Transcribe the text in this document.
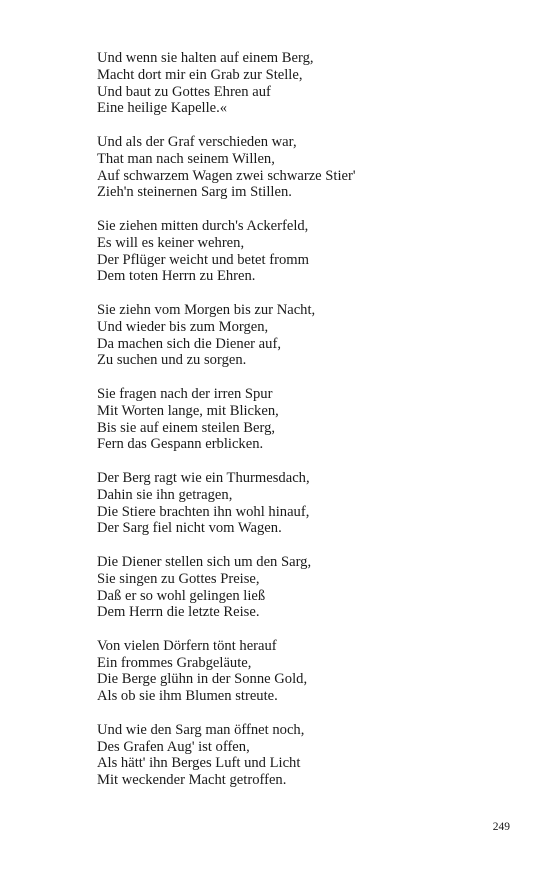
Und wenn sie halten auf einem Berg,
Macht dort mir ein Grab zur Stelle,
Und baut zu Gottes Ehren auf
Eine heilige Kapelle.«
Und als der Graf verschieden war,
That man nach seinem Willen,
Auf schwarzem Wagen zwei schwarze Stier'
Zieh'n steinernen Sarg im Stillen.
Sie ziehen mitten durch's Ackerfeld,
Es will es keiner wehren,
Der Pflüger weicht und betet fromm
Dem toten Herrn zu Ehren.
Sie ziehn vom Morgen bis zur Nacht,
Und wieder bis zum Morgen,
Da machen sich die Diener auf,
Zu suchen und zu sorgen.
Sie fragen nach der irren Spur
Mit Worten lange, mit Blicken,
Bis sie auf einem steilen Berg,
Fern das Gespann erblicken.
Der Berg ragt wie ein Thurmesdach,
Dahin sie ihn getragen,
Die Stiere brachten ihn wohl hinauf,
Der Sarg fiel nicht vom Wagen.
Die Diener stellen sich um den Sarg,
Sie singen zu Gottes Preise,
Daß er so wohl gelingen ließ
Dem Herrn die letzte Reise.
Von vielen Dörfern tönt herauf
Ein frommes Grabgeläute,
Die Berge glühn in der Sonne Gold,
Als ob sie ihm Blumen streute.
Und wie den Sarg man öffnet noch,
Des Grafen Aug' ist offen,
Als hätt' ihn Berges Luft und Licht
Mit weckender Macht getroffen.
249
